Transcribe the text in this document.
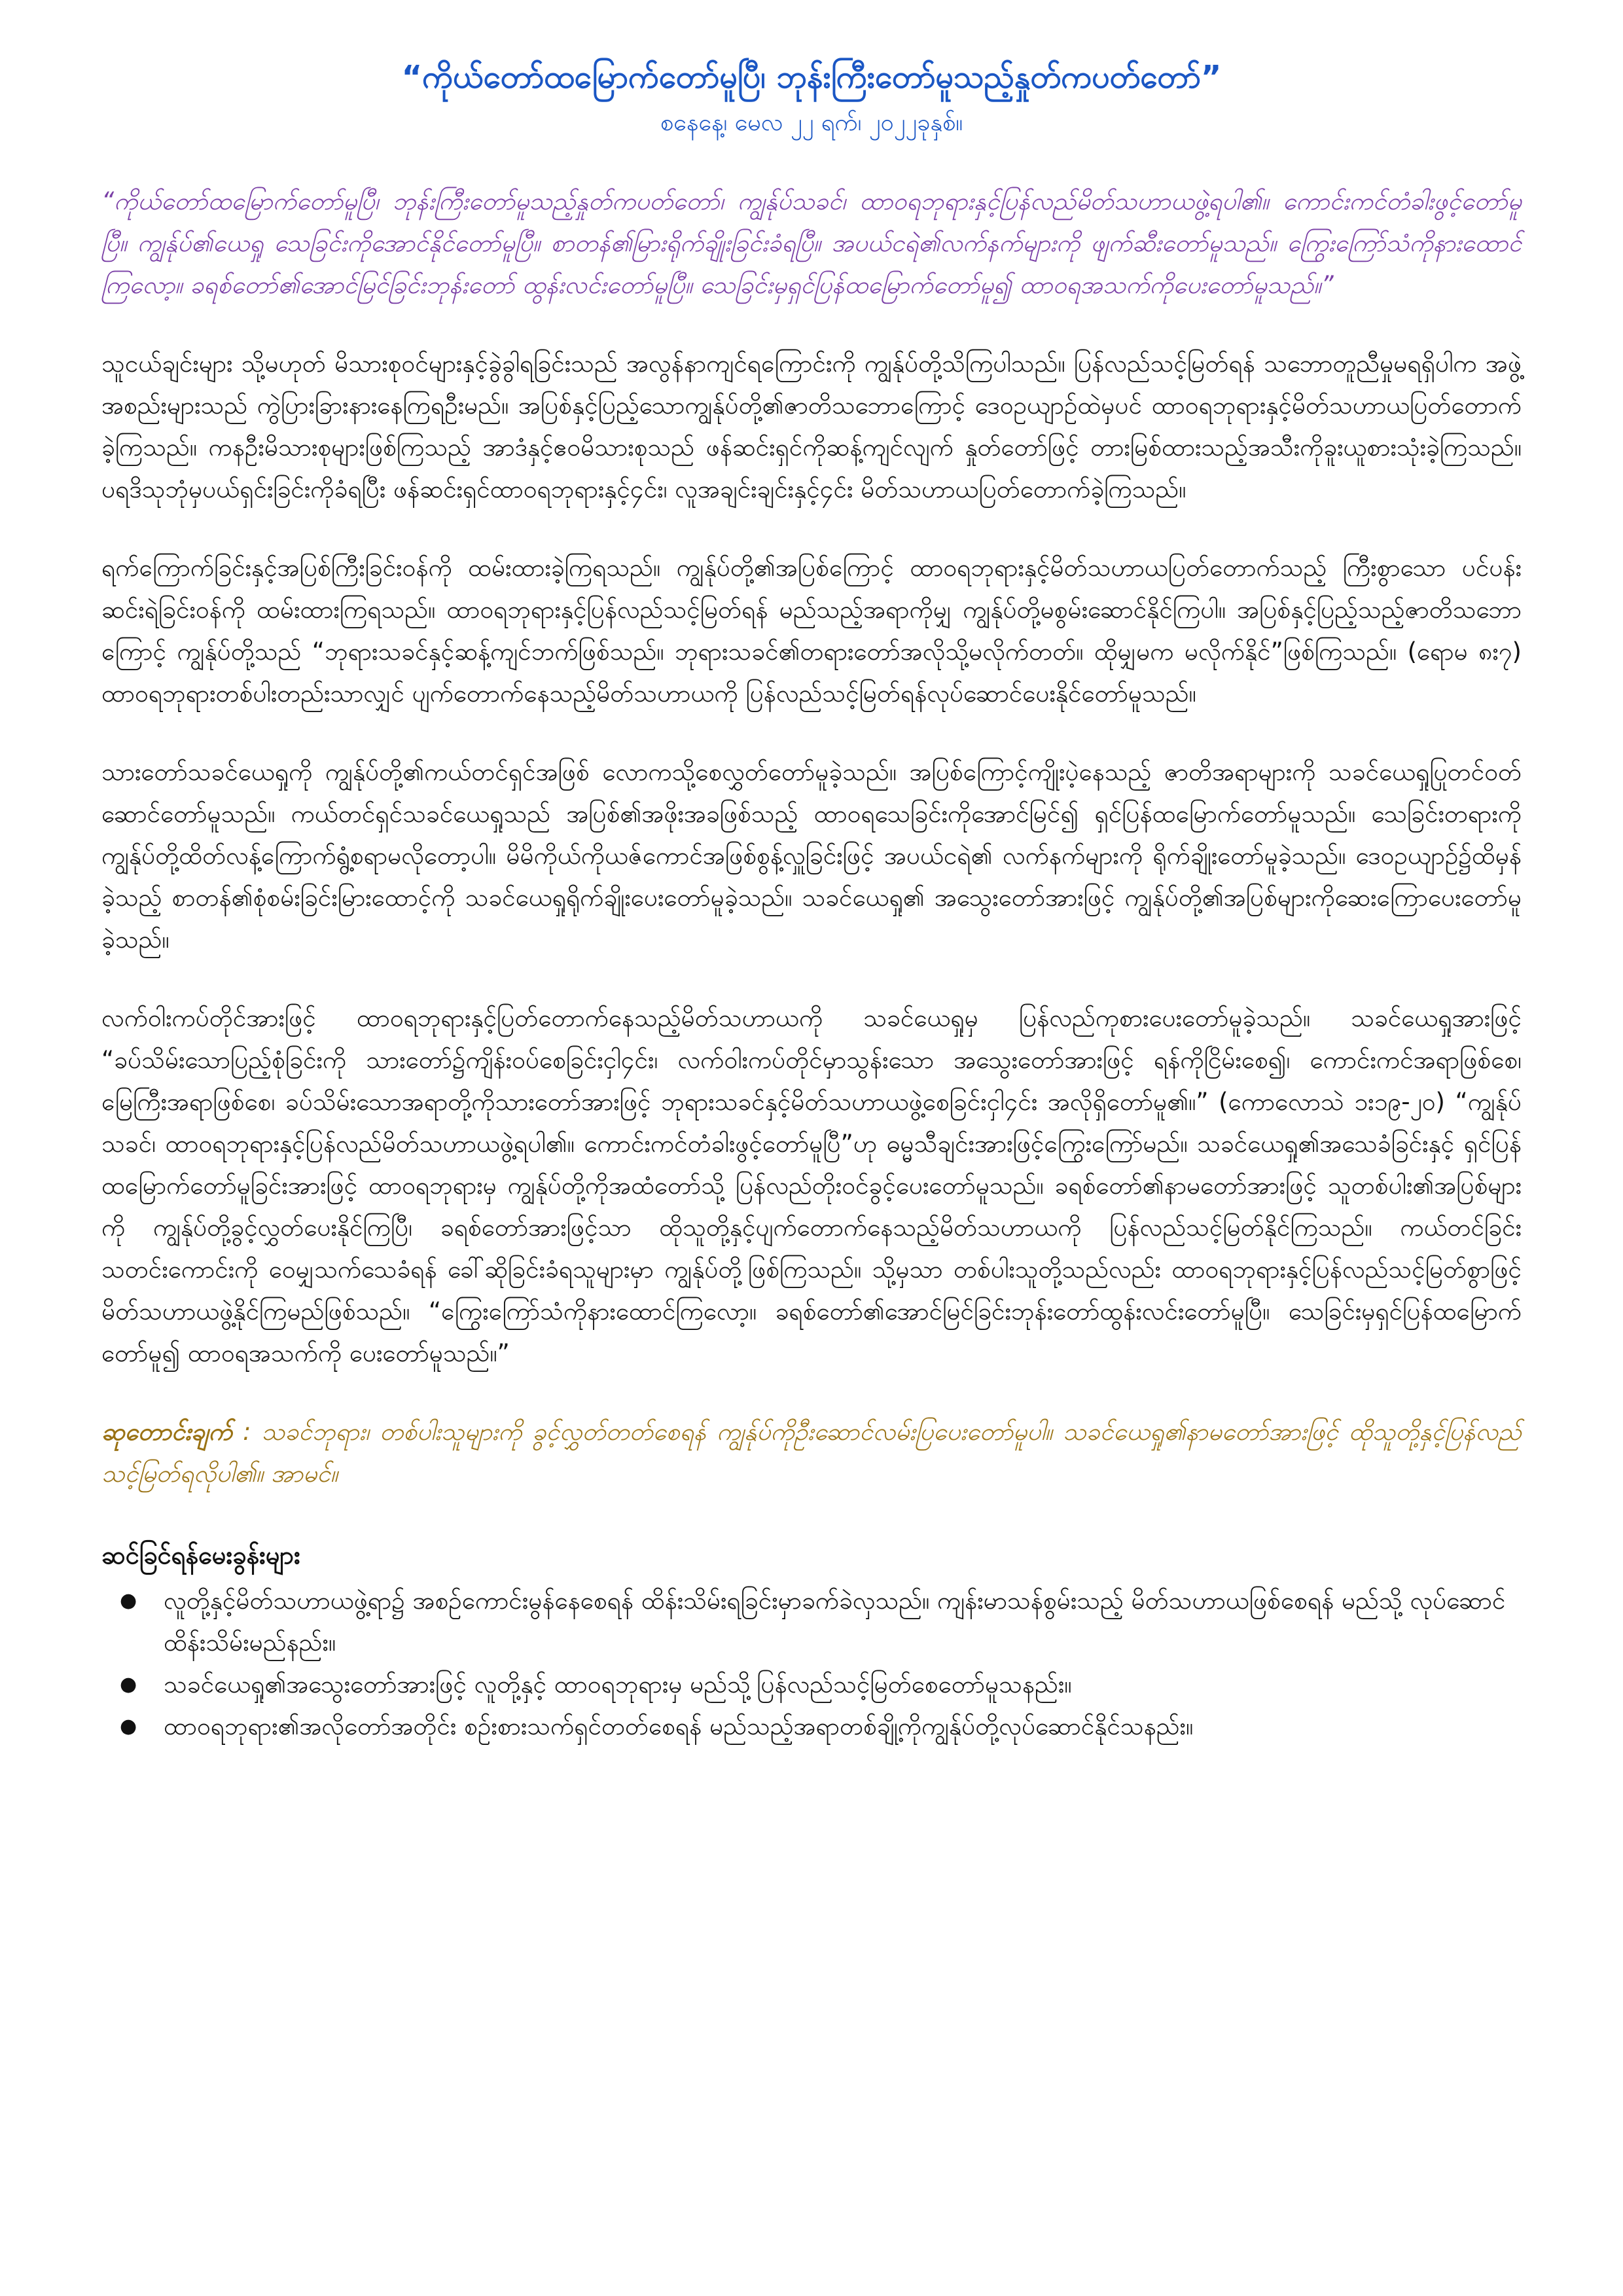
“ကိုယ်တော်ထမြောက်တော်မူပြီ၊ ဘုန်းကြီးတော်မူသည့်နှုတ်ကပတ်တော်”

စနေနေ့၊ မေလ ၂၂ ရက်၊ ၂၀၂၂ခုနှစ်။

“ကိုယ်တော်ထမြောက်တော်မူပြီ၊ ဘုန်းကြီးတော်မူသည့်နှုတ်ကပတ်တော်၊ ကျွန်ုပ်သခင်၊ ထာဝရဘုရားနှင့်ပြန်လည်မိတ်သဟာယဖွဲ့ရပါ၏။ ကောင်းကင်တံခါးဖွင့်တော်မူပြီ။ ကျွန်ုပ်၏ယေရှု သေခြင်းကိုအောင်နိုင်တော်မူပြီ။ စာတန်၏မြားရိုက်ချိုးခြင်းခံရပြီ။ အပယ်ငရဲ၏လက်နက်များကို ဖျက်ဆီးတော်မူသည်။ ကြွေးကြော်သံကိုနားထောင်ကြလော့။ ခရစ်တော်၏အောင်မြင်ခြင်းဘုန်းတော် ထွန်းလင်းတော်မူပြီ။ သေခြင်းမှရှင်ပြန်ထမြောက်တော်မူ၍ ထာဝရအသက်ကိုပေးတော်မူသည်။”

သူငယ်ချင်းများ သို့မဟုတ် မိသားစုဝင်များနှင့်ခွဲခွါရခြင်းသည် အလွန်နာကျင်ရကြောင်းကို ကျွန်ုပ်တို့သိကြပါသည်။ ပြန်လည်သင့်မြတ်ရန် သဘောတူညီမှုမရရှိပါက အဖွဲ့အစည်းများသည် ကွဲပြားခြားနားနေကြရဦးမည်။ အပြစ်နှင့်ပြည့်သောကျွန်ုပ်တို့၏ဇာတိသဘောကြောင့် ဒေဝဥယျာဉ်ထဲမှပင် ထာဝရဘုရားနှင့်မိတ်သဟာယပြတ်တောက်ခဲ့ကြသည်။ ကနဦးမိသားစုများဖြစ်ကြသည့် အာဒံနှင့်ဧဝမိသားစုသည် ဖန်ဆင်းရှင်ကိုဆန့်ကျင်လျက် နှုတ်တော်ဖြင့် တားမြစ်ထားသည့်အသီးကိုခူးယူစားသုံးခဲ့ကြသည်။ ပရဒိသုဘုံမှပယ်ရှင်းခြင်းကိုခံရပြီး ဖန်ဆင်းရှင်ထာဝရဘုရားနှင့်၄င်း၊ လူအချင်းချင်းနှင့်၄င်း မိတ်သဟာယပြတ်တောက်ခဲ့ကြသည်။

ရက်ကြောက်ခြင်းနှင့်အပြစ်ကြီးခြင်းဝန်ကို ထမ်းထားခဲ့ကြရသည်။ ကျွန်ုပ်တို့၏အပြစ်ကြောင့် ထာဝရဘုရားနှင့်မိတ်သဟာယပြတ်တောက်သည့် ကြီးစွာသော ပင်ပန်းဆင်းရဲခြင်းဝန်ကို ထမ်းထားကြရသည်။ ထာဝရဘုရားနှင့်ပြန်လည်သင့်မြတ်ရန် မည်သည့်အရာကိုမျှ ကျွန်ုပ်တို့မစွမ်းဆောင်နိုင်ကြပါ။ အပြစ်နှင့်ပြည့်သည့်ဇာတိသဘောကြောင့် ကျွန်ုပ်တို့သည် “ဘုရားသခင်နှင့်ဆန့်ကျင်ဘက်ဖြစ်သည်။ ဘုရားသခင်၏တရားတော်အလိုသို့မလိုက်တတ်။ ထိုမျှမက မလိုက်နိုင်”ဖြစ်ကြသည်။ (ရောမ ၈း၇) ထာဝရဘုရားတစ်ပါးတည်းသာလျှင် ပျက်တောက်နေသည့်မိတ်သဟာယကို ပြန်လည်သင့်မြတ်ရန်လုပ်ဆောင်ပေးနိုင်တော်မူသည်။

သားတော်သခင်ယေရှုကို ကျွန်ုပ်တို့၏ကယ်တင်ရှင်အဖြစ် လောကသို့စေလွှတ်တော်မူခဲ့သည်။ အပြစ်ကြောင့်ကျိုးပဲ့နေသည့် ဇာတိအရာများကို သခင်ယေရှုပြုတင်ဝတ်ဆောင်တော်မူသည်။ ကယ်တင်ရှင်သခင်ယေရှုသည် အပြစ်၏အဖိုးအခဖြစ်သည့် ထာဝရသေခြင်းကိုအောင်မြင်၍ ရှင်ပြန်ထမြောက်တော်မူသည်။ သေခြင်းတရားကို ကျွန်ုပ်တို့ထိတ်လန့်ကြောက်ရွံ့စရာမလိုတော့ပါ။ မိမိကိုယ်ကိုယဇ်ကောင်အဖြစ်စွန့်လှူခြင်းဖြင့် အပယ်ငရဲ၏ လက်နက်များကို ရိုက်ချိုးတော်မူခဲ့သည်။ ဒေဝဥယျာဉ်၌ထိမှန်ခဲ့သည့် စာတန်၏စုံစမ်းခြင်းမြားထောင့်ကို သခင်ယေရှုရိုက်ချိုးပေးတော်မူခဲ့သည်။ သခင်ယေရှု၏ အသွေးတော်အားဖြင့် ကျွန်ုပ်တို့၏အပြစ်များကိုဆေးကြောပေးတော်မူခဲ့သည်။

လက်ဝါးကပ်တိုင်အားဖြင့် ထာဝရဘုရားနှင့်ပြတ်တောက်နေသည့်မိတ်သဟာယကို သခင်ယေရှုမှ ပြန်လည်ကုစားပေးတော်မူခဲ့သည်။ သခင်ယေရှုအားဖြင့် “ခပ်သိမ်းသောပြည့်စုံခြင်းကို သားတော်၌ကျိန်းဝပ်စေခြင်းငှါ၄င်း၊ လက်ဝါးကပ်တိုင်မှာသွန်းသော အသွေးတော်အားဖြင့် ရန်ကိုငြိမ်းစေ၍၊ ကောင်းကင်အရာဖြစ်စေ၊ မြေကြီးအရာဖြစ်စေ၊ ခပ်သိမ်းသောအရာတို့ကိုသားတော်အားဖြင့် ဘုရားသခင်နှင့်မိတ်သဟာယဖွဲ့စေခြင်းငှါ၄င်း အလိုရှိတော်မူ၏။” (ကောလောသဲ ၁း၁၉-၂၀) “ကျွန်ုပ်သခင်၊ ထာဝရဘုရားနှင့်ပြန်လည်မိတ်သဟာယဖွဲ့ရပါ၏။ ကောင်းကင်တံခါးဖွင့်တော်မူပြီ”ဟု ဓမ္မသီချင်းအားဖြင့်ကြွေးကြော်မည်။ သခင်ယေရှု၏အသေခံခြင်းနှင့် ရှင်ပြန်ထမြောက်တော်မူခြင်းအားဖြင့် ထာဝရဘုရားမှ ကျွန်ုပ်တို့ကိုအထံတော်သို့ ပြန်လည်တိုးဝင်ခွင့်ပေးတော်မူသည်။ ခရစ်တော်၏နာမတော်အားဖြင့် သူတစ်ပါး၏အပြစ်များကို ကျွန်ုပ်တို့ခွင့်လွှတ်ပေးနိုင်ကြပြီ၊ ခရစ်တော်အားဖြင့်သာ ထိုသူတို့နှင့်ပျက်တောက်နေသည့်မိတ်သဟာယကို ပြန်လည်သင့်မြတ်နိုင်ကြသည်။ ကယ်တင်ခြင်းသတင်းကောင်းကို ဝေမျှသက်သေခံရန် ခေါ်ဆိုခြင်းခံရသူများမှာ ကျွန်ုပ်တို့ဖြစ်ကြသည်။ သို့မှသာ တစ်ပါးသူတို့သည်လည်း ထာဝရဘုရားနှင့်ပြန်လည်သင့်မြတ်စွာဖြင့် မိတ်သဟာယဖွဲ့နိုင်ကြမည်ဖြစ်သည်။ “ကြွေးကြော်သံကိုနားထောင်ကြလော့။ ခရစ်တော်၏အောင်မြင်ခြင်းဘုန်းတော်ထွန်းလင်းတော်မူပြီ။ သေခြင်းမှရှင်ပြန်ထမြောက်တော်မူ၍ ထာဝရအသက်ကို ပေးတော်မူသည်။”

ဆုတောင်းချက် : သခင်ဘုရား၊ တစ်ပါးသူများကို ခွင့်လွှတ်တတ်စေရန် ကျွန်ုပ်ကိုဦးဆောင်လမ်းပြပေးတော်မူပါ။ သခင်ယေရှု၏နာမတော်အားဖြင့် ထိုသူတို့နှင့်ပြန်လည်သင့်မြတ်ရလိုပါ၏။ အာမင်။

ဆင်ခြင်ရန်မေးခွန်းများ
● လူတို့နှင့်မိတ်သဟာယဖွဲ့ရာ၌ အစဉ်ကောင်းမွန်နေစေရန် ထိန်းသိမ်းရခြင်းမှာခက်ခဲလှသည်။ ကျန်းမာသန်စွမ်းသည့် မိတ်သဟာယဖြစ်စေရန် မည်သို့ လုပ်ဆောင်ထိန်းသိမ်းမည်နည်း။
● သခင်ယေရှု၏အသွေးတော်အားဖြင့် လူတို့နှင့် ထာဝရဘုရားမှ မည်သို့ပြန်လည်သင့်မြတ်စေတော်မူသနည်း။
● ထာဝရဘုရား၏အလိုတော်အတိုင်း စဉ်းစားသက်ရှင်တတ်စေရန် မည်သည့်အရာတစ်ချို့ကိုကျွန်ုပ်တို့လုပ်ဆောင်နိုင်သနည်း။
